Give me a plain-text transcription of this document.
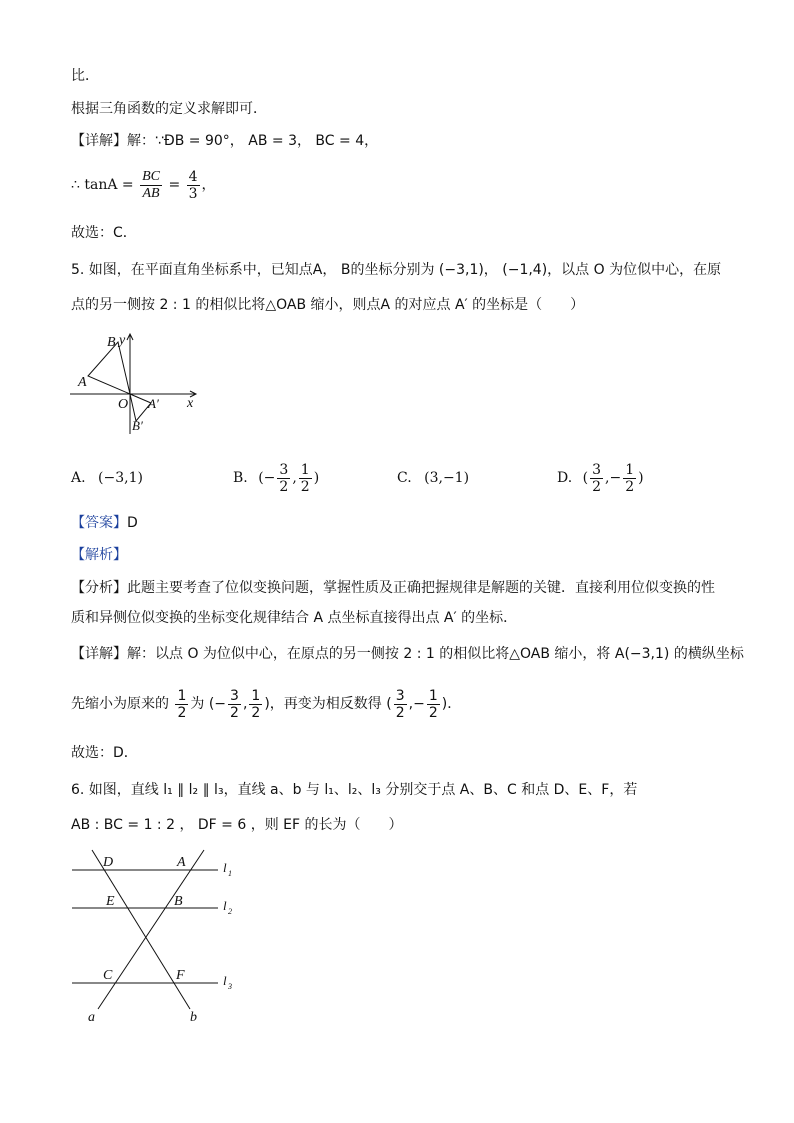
比．
根据三角函数的定义求解即可．
【详解】解：∵ÐB = 90°， AB = 3， BC = 4，
∴ $\tan A = \frac{BC}{AB} = \frac{4}{3}$ ，
故选：C．
5. 如图，在平面直角坐标系中，已知点A， B的坐标分别为 (−3,1)， (−1,4)，以点 O 为位似中心，在原
点的另一侧按 2 : 1 的相似比将△OAB 缩小，则点A 的对应点 A′ 的坐标是（　　）
B y
A
O A′ x
B′
A. (−3,1)	B. (− $\frac{3}{2}$ , $\frac{1}{2}$ )	C. (3,−1)	D. ( $\frac{3}{2}$ ,− $\frac{1}{2}$ )
【答案】D
【解析】
【分析】此题主要考查了位似变换问题，掌握性质及正确把握规律是解题的关键．直接利用位似变换的性
质和异侧位似变换的坐标变化规律结合 A 点坐标直接得出点 A′ 的坐标．
【详解】解：以点 O 为位似中心，在原点的另一侧按 2 : 1 的相似比将△OAB 缩小，将 A(−3,1) 的横纵坐标
先缩小为原来的 $\frac{1}{2}$ 为 (− $\frac{3}{2}$ , $\frac{1}{2}$ )，再变为相反数得 ( $\frac{3}{2}$ ,− $\frac{1}{2}$ )．
故选：D．
6. 如图，直线 l₁ ∥ l₂ ∥ l₃，直线 a、b 与 l₁、l₂、l₃ 分别交于点 A、B、C 和点 D、E、F，若
AB : BC = 1 : 2 ， DF = 6 ，则 EF 的长为（　　）
D	A	l 1
E	B	l 2
C	F	l 3
a	b
